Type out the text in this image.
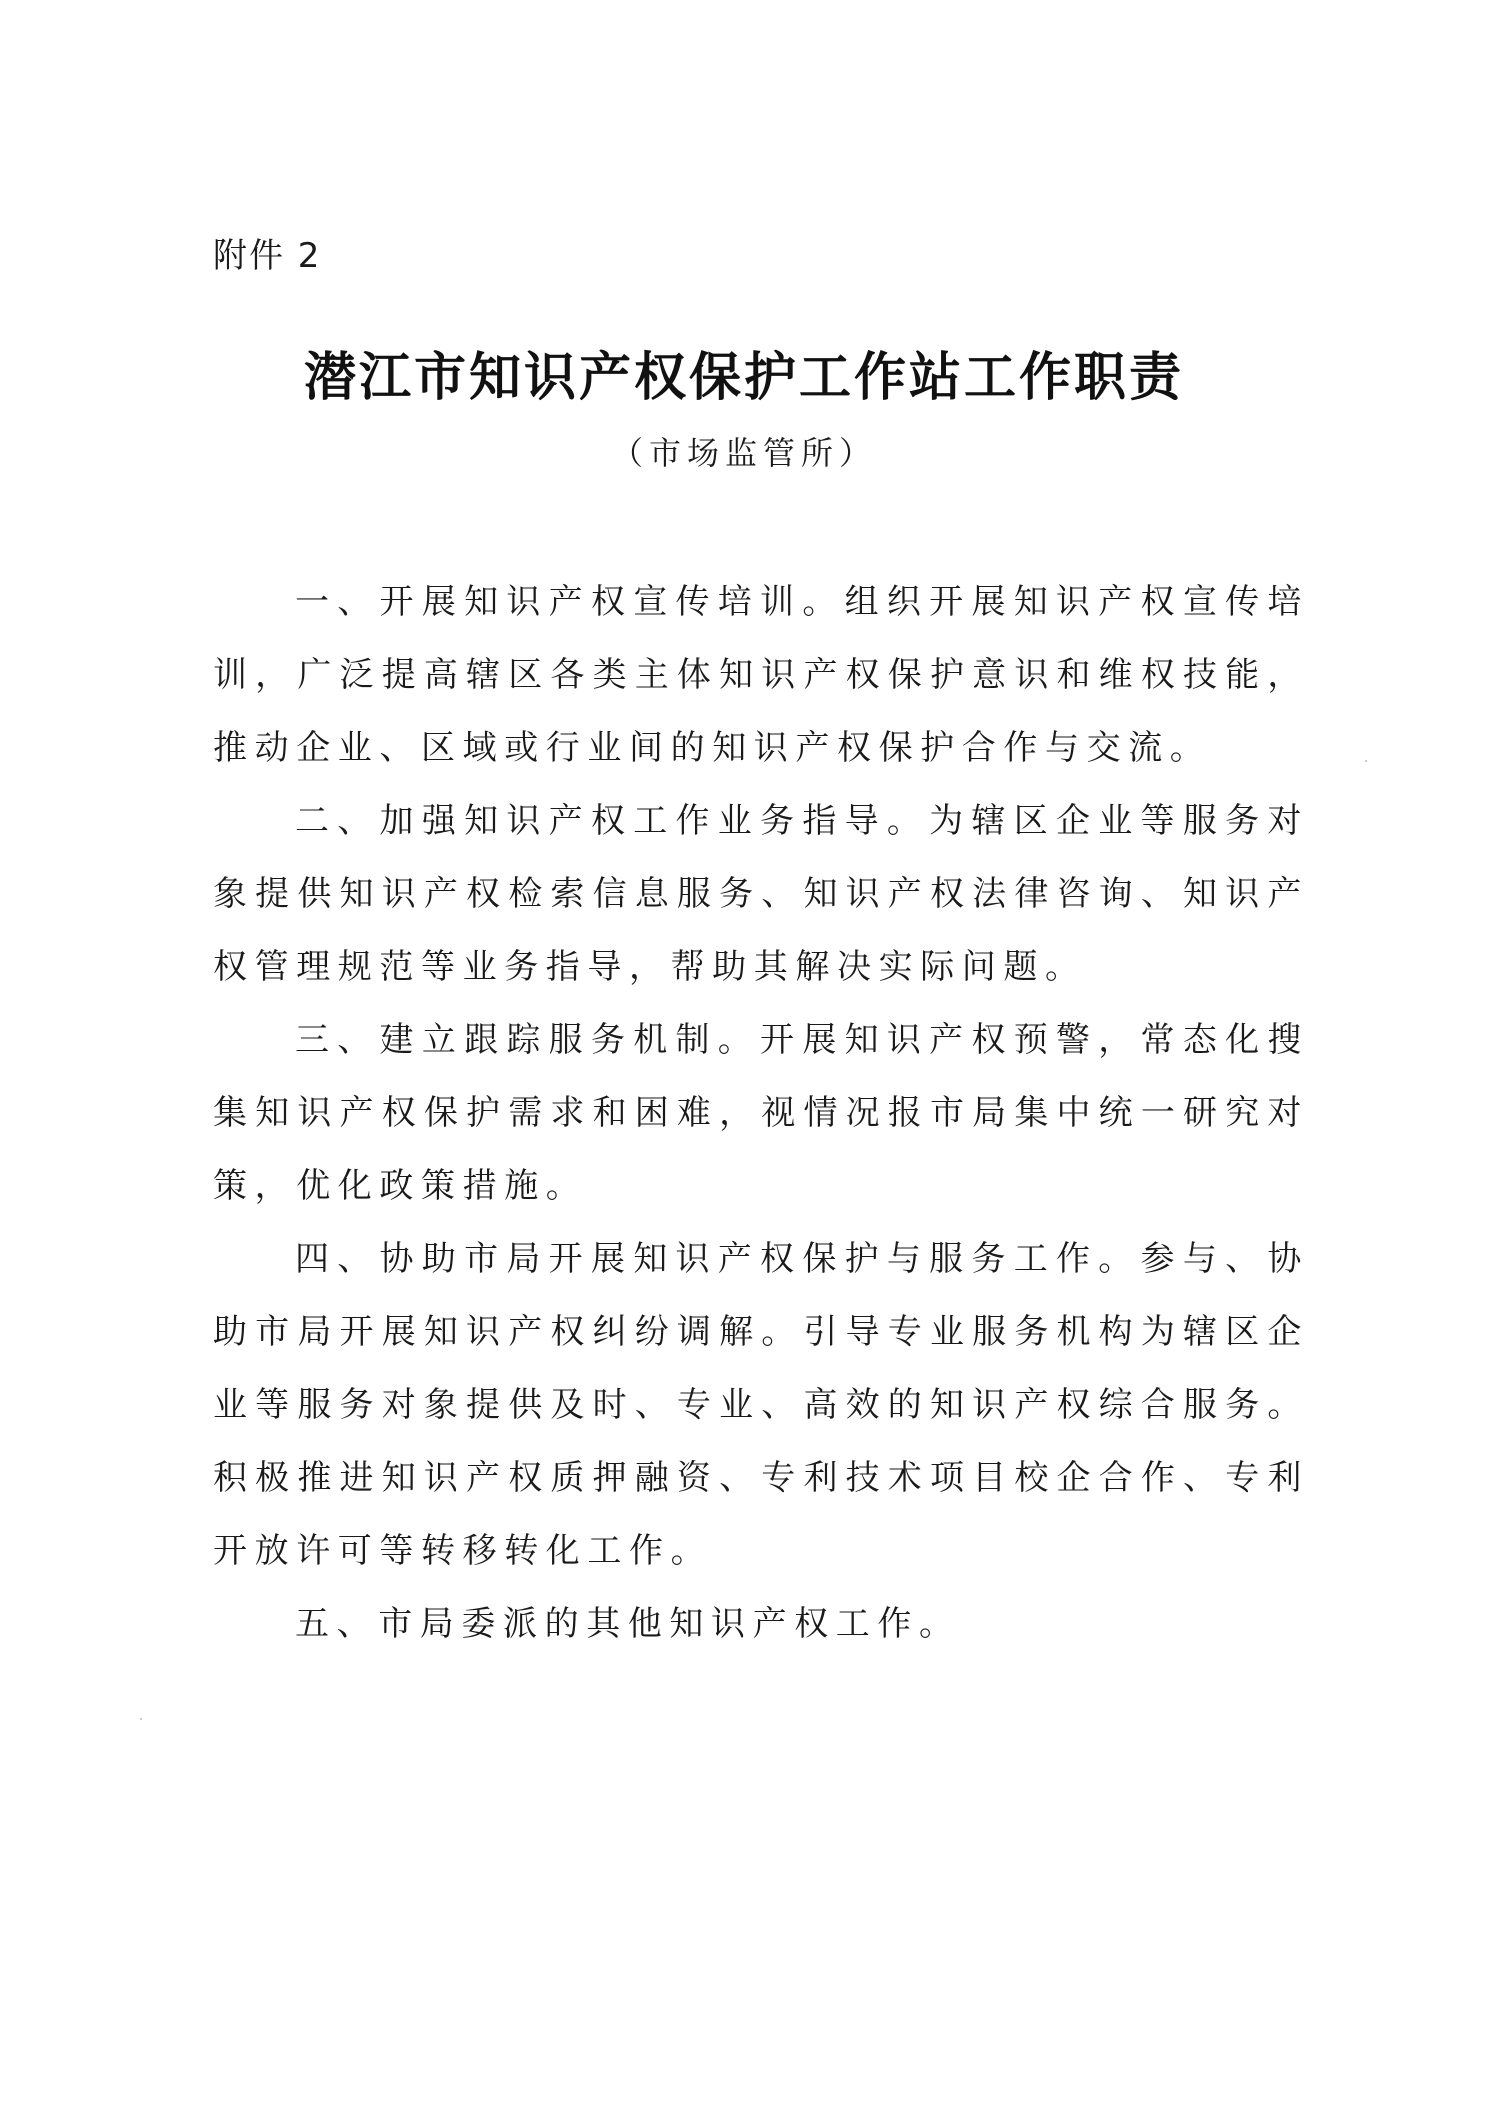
附件 2
潜江市知识产权保护工作站工作职责
（市场监管所）

一、开展知识产权宣传培训。组织开展知识产权宣传培训，广泛提高辖区各类主体知识产权保护意识和维权技能，推动企业、区域或行业间的知识产权保护合作与交流。

二、加强知识产权工作业务指导。为辖区企业等服务对象提供知识产权检索信息服务、知识产权法律咨询、知识产权管理规范等业务指导，帮助其解决实际问题。

三、建立跟踪服务机制。开展知识产权预警，常态化搜集知识产权保护需求和困难，视情况报市局集中统一研究对策，优化政策措施。

四、协助市局开展知识产权保护与服务工作。参与、协助市局开展知识产权纠纷调解。引导专业服务机构为辖区企业等服务对象提供及时、专业、高效的知识产权综合服务。积极推进知识产权质押融资、专利技术项目校企合作、专利开放许可等转移转化工作。

五、市局委派的其他知识产权工作。
